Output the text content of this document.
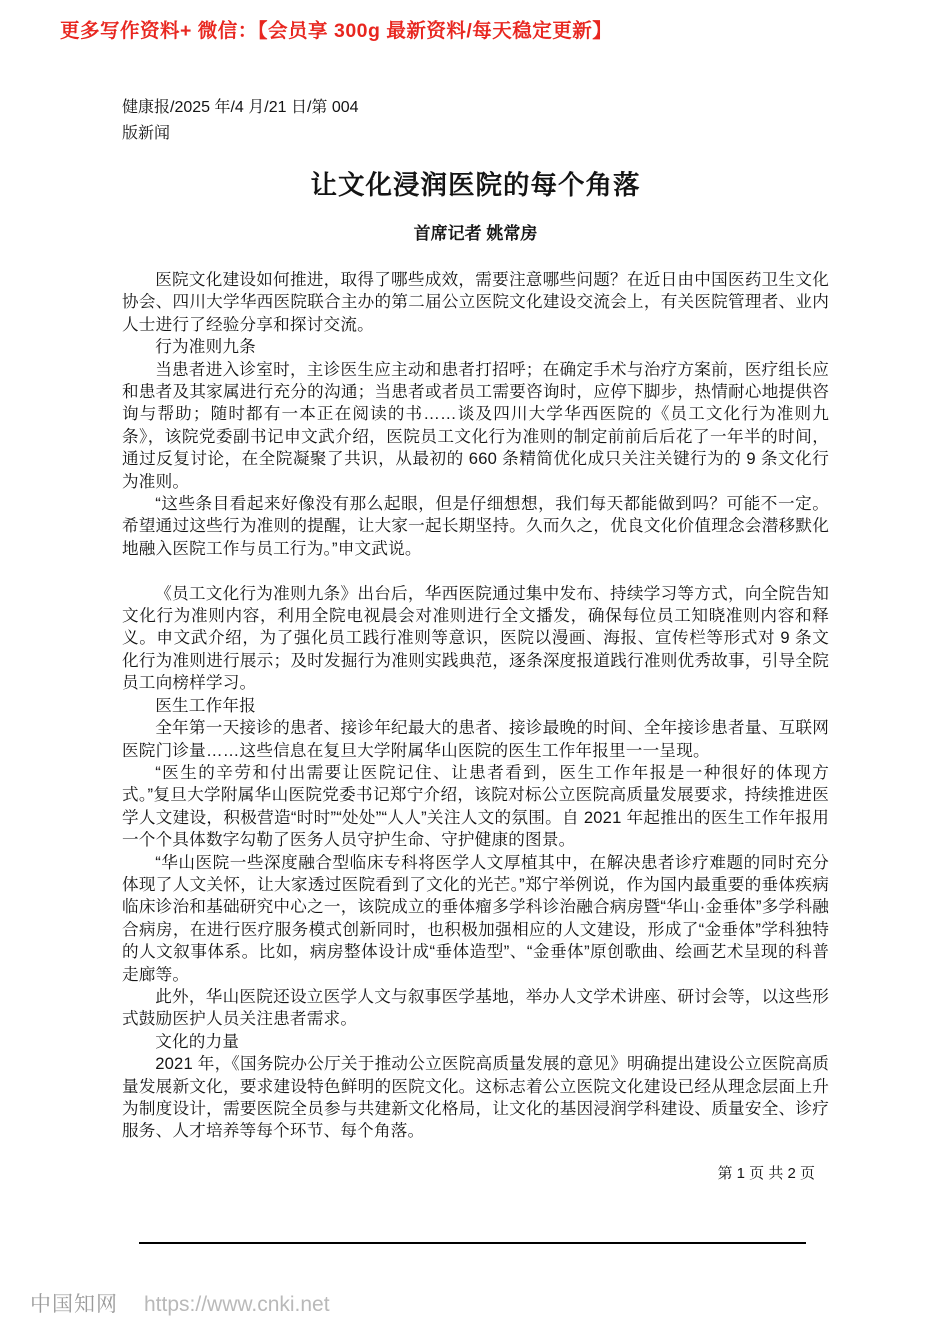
更多写作资料+ 微信：【会员享 300g 最新资料/每天稳定更新】
健康报/2025 年/4 月/21 日/第 004
版新闻
让文化浸润医院的每个角落
首席记者 姚常房

医院文化建设如何推进，取得了哪些成效，需要注意哪些问题？在近日由中国医药卫生文化协会、四川大学华西医院联合主办的第二届公立医院文化建设交流会上，有关医院管理者、业内人士进行了经验分享和探讨交流。

行为准则九条

当患者进入诊室时，主诊医生应主动和患者打招呼；在确定手术与治疗方案前，医疗组长应和患者及其家属进行充分的沟通；当患者或者员工需要咨询时，应停下脚步，热情耐心地提供咨询与帮助；随时都有一本正在阅读的书……谈及四川大学华西医院的《员工文化行为准则九条》，该院党委副书记申文武介绍，医院员工文化行为准则的制定前前后后花了一年半的时间，通过反复讨论，在全院凝聚了共识，从最初的 660 条精简优化成只关注关键行为的 9 条文化行为准则。

“这些条目看起来好像没有那么起眼，但是仔细想想，我们每天都能做到吗？可能不一定。希望通过这些行为准则的提醒，让大家一起长期坚持。久而久之，优良文化价值理念会潜移默化地融入医院工作与员工行为。”申文武说。

《员工文化行为准则九条》出台后，华西医院通过集中发布、持续学习等方式，向全院告知文化行为准则内容，利用全院电视晨会对准则进行全文播发，确保每位员工知晓准则内容和释义。申文武介绍，为了强化员工践行准则等意识，医院以漫画、海报、宣传栏等形式对 9 条文化行为准则进行展示；及时发掘行为准则实践典范，逐条深度报道践行准则优秀故事，引导全院员工向榜样学习。

医生工作年报

全年第一天接诊的患者、接诊年纪最大的患者、接诊最晚的时间、全年接诊患者量、互联网医院门诊量……这些信息在复旦大学附属华山医院的医生工作年报里一一呈现。

“医生的辛劳和付出需要让医院记住、让患者看到，医生工作年报是一种很好的体现方式。”复旦大学附属华山医院党委书记郑宁介绍，该院对标公立医院高质量发展要求，持续推进医学人文建设，积极营造“时时”“处处”“人人”关注人文的氛围。自 2021 年起推出的医生工作年报用一个个具体数字勾勒了医务人员守护生命、守护健康的图景。

“华山医院一些深度融合型临床专科将医学人文厚植其中，在解决患者诊疗难题的同时充分体现了人文关怀，让大家透过医院看到了文化的光芒。”郑宁举例说，作为国内最重要的垂体疾病临床诊治和基础研究中心之一，该院成立的垂体瘤多学科诊治融合病房暨“华山·金垂体”多学科融合病房，在进行医疗服务模式创新同时，也积极加强相应的人文建设，形成了“金垂体”学科独特的人文叙事体系。比如，病房整体设计成“垂体造型”、“金垂体”原创歌曲、绘画艺术呈现的科普走廊等。

此外，华山医院还设立医学人文与叙事医学基地，举办人文学术讲座、研讨会等，以这些形式鼓励医护人员关注患者需求。

文化的力量

2021 年，《国务院办公厅关于推动公立医院高质量发展的意见》明确提出建设公立医院高质量发展新文化，要求建设特色鲜明的医院文化。这标志着公立医院文化建设已经从理念层面上升为制度设计，需要医院全员参与共建新文化格局，让文化的基因浸润学科建设、质量安全、诊疗服务、人才培养等每个环节、每个角落。

第 1 页 共 2 页
中国知网 https://www.cnki.net
